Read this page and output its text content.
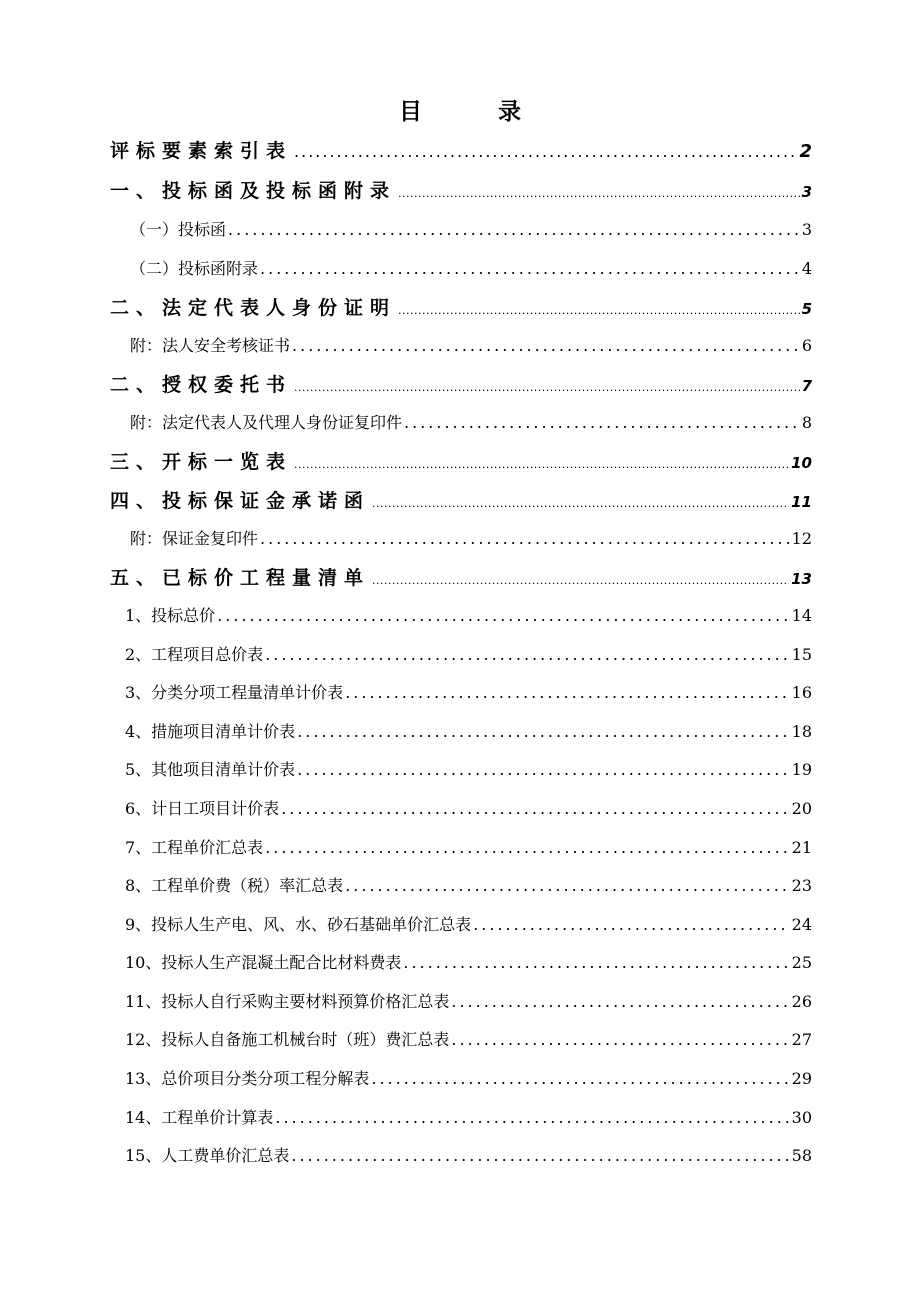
目 录
评标要素索引表 .....	2
一、投标函及投标函附录 .....	3
（一）投标函 .....	3
（二）投标函附录 .....	4
二、法定代表人身份证明 .....	5
附：法人安全考核证书 .....	6
二、授权委托书 .....	7
附：法定代表人及代理人身份证复印件 .....	8
三、开标一览表 .....	10
四、投标保证金承诺函 .....	11
附：保证金复印件 .....	12
五、已标价工程量清单 .....	13
1、投标总价 .....	14
2、工程项目总价表 .....	15
3、分类分项工程量清单计价表 .....	16
4、措施项目清单计价表 .....	18
5、其他项目清单计价表 .....	19
6、计日工项目计价表 .....	20
7、工程单价汇总表 .....	21
8、工程单价费（税）率汇总表 .....	23
9、投标人生产电、风、水、砂石基础单价汇总表 .....	24
10、投标人生产混凝土配合比材料费表 .....	25
11、投标人自行采购主要材料预算价格汇总表 .....	26
12、投标人自备施工机械台时（班）费汇总表 .....	27
13、总价项目分类分项工程分解表 .....	29
14、工程单价计算表 .....	30
15、人工费单价汇总表 .....	58
